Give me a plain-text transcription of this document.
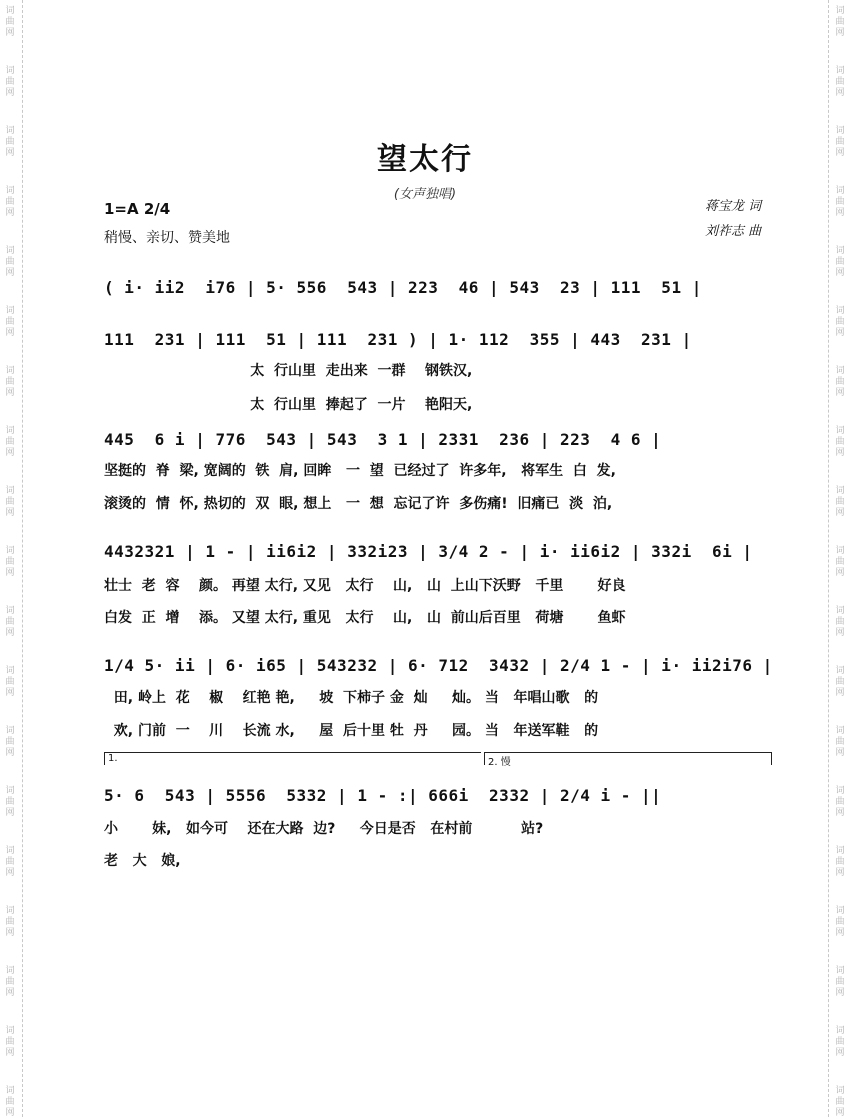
词
曲
网
词
曲
网
词
曲
网
词
曲
网
词
曲
网
词
曲
网
词
曲
网
词
曲
网
词
曲
网
词
曲
网
词
曲
网
词
曲
网
词
曲
网
词
曲
网
词
曲
网
词
曲
网
词
曲
网
词
曲
网
词
曲
网
词
曲
网
词
曲
网
词
曲
网
词
曲
网
词
曲
网
词
曲
网
词
曲
网
词
曲
网
词
曲
网
词
曲
网
词
曲
网
词
曲
网
词
曲
网
词
曲
网
词
曲
网
词
曲
网
词
曲
网
词
曲
网
词
曲
网
望太行
(女声独唱)
1=A 2/4
稍慢、亲切、赞美地
蒋宝龙 词
刘祚志 曲
( i· ii2  i76 | 5· 556  543 | 223  46 | 543  23 | 111  51 |
111  231 | 111  51 | 111  231 ) | 1· 112  355 | 443  231 |
太  行山里  走出来  一群    钢铁汉,
太  行山里  捧起了  一片    艳阳天,
445  6 i | 776  543 | 543  3 1 | 2331  236 | 223  4 6 |
坚挺的  脊  梁, 宽阔的  铁  肩, 回眸   一  望  已经过了  许多年,   将军生  白  发,
滚烫的  情  怀, 热切的  双  眼, 想上   一  想  忘记了许  多伤痛!  旧痛已  淡  泊,
4432321 | 1 - | ii6i2 | 332i23 | 3/4 2 - | i· ii6i2 | 332i  6i |
壮士  老  容    颜。 再望 太行, 又见   太行    山,   山  上山下沃野   千里       好良
白发  正  增    添。 又望 太行, 重见   太行    山,   山  前山后百里   荷塘       鱼虾
1/4 5· ii | 6· i65 | 543232 | 6· 712  3432 | 2/4 1 - | i· ii2i76 |
田, 岭上  花    椒    红艳 艳,     坡  下柿子 金  灿     灿。 当   年唱山歌   的
欢, 门前  一    川    长流 水,     屋  后十里 牡  丹     园。 当   年送军鞋   的
1.	2. 慢
5· 6  543 | 5556  5332 | 1 - :| 666i  2332 | 2/4 i - ||
小       妹,   如今可    还在大路  边?     今日是否   在村前          站?
老   大   娘,
